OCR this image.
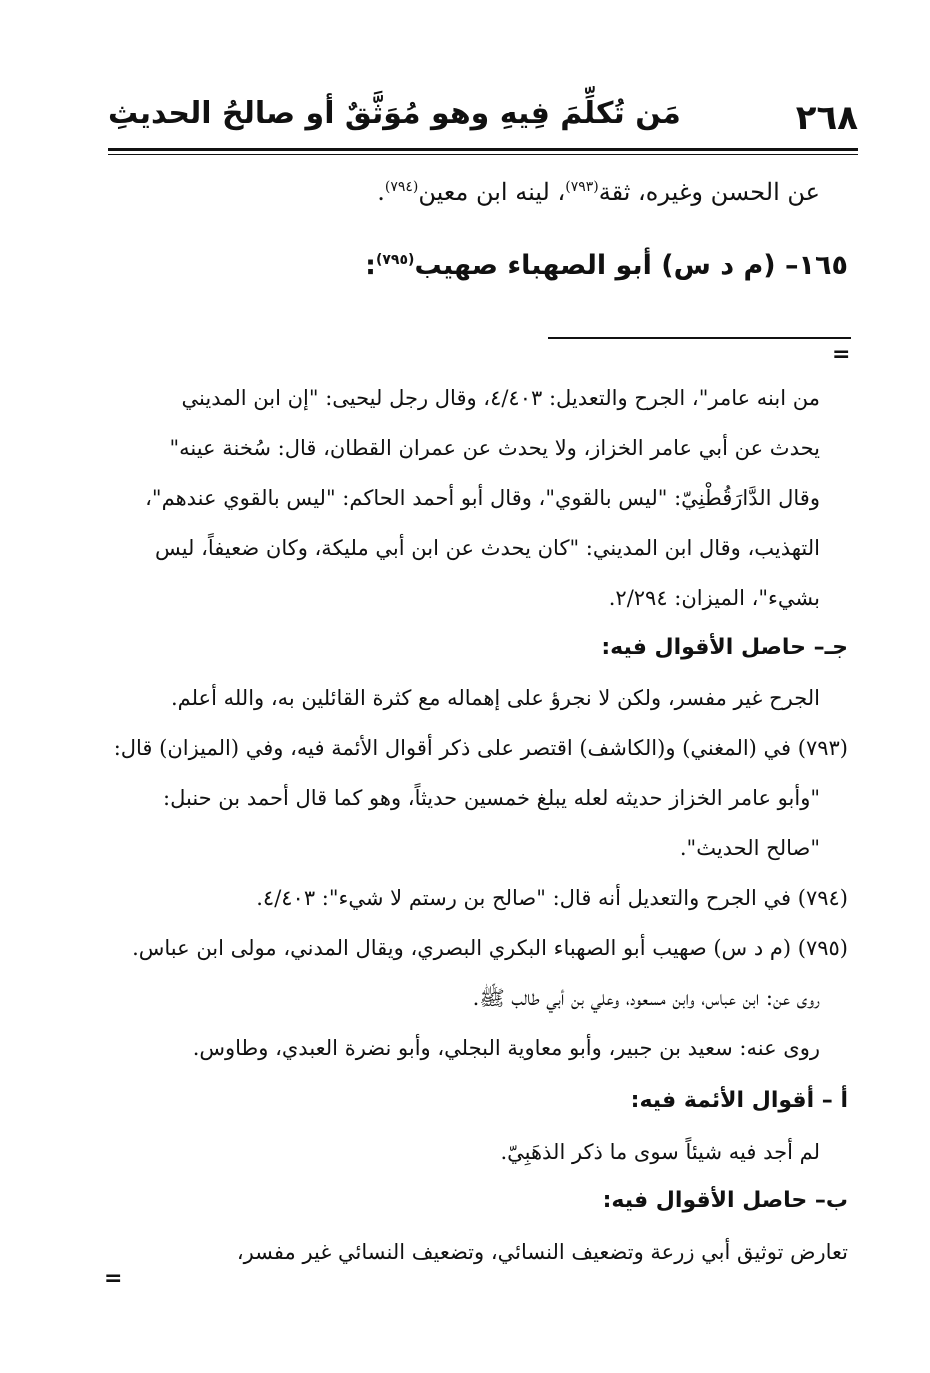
٢٦٨
مَن تُكلِّمَ فِيهِ وهو مُوَثَّقٌ أو صالحُ الحديثِ
عن الحسن وغيره، ثقة$^{(٧٩٣)}$، لينه ابن معين$^{(٧٩٤)}$.
١٦٥– (م د س) أبو الصهباء صهيب$^{(٧٩٥)}$:
=
من ابنه عامر"، الجرح والتعديل: ٤/٤٠٣، وقال رجل ليحيى: "إن ابن المديني
يحدث عن أبي عامر الخزاز، ولا يحدث عن عمران القطان، قال: سُخنة عينه"
وقال الدَّارَقُطْنِيّ: "ليس بالقوي"، وقال أبو أحمد الحاكم: "ليس بالقوي عندهم"،
التهذيب، وقال ابن المديني: "كان يحدث عن ابن أبي مليكة، وكان ضعيفاً، ليس
بشيء"، الميزان: ٢/٢٩٤.
جـ– حاصل الأقوال فيه:
الجرح غير مفسر، ولكن لا نجرؤ على إهماله مع كثرة القائلين به، والله أعلم.
(٧٩٣) في (المغني) و(الكاشف) اقتصر على ذكر أقوال الأئمة فيه، وفي (الميزان) قال:
"وأبو عامر الخزاز حديثه لعله يبلغ خمسين حديثاً، وهو كما قال أحمد بن حنبل:
"صالح الحديث".
(٧٩٤) في الجرح والتعديل أنه قال: "صالح بن رستم لا شيء": ٤/٤٠٣.
(٧٩٥) (م د س) صهيب أبو الصهباء البكري البصري، ويقال المدني، مولى ابن عباس.
روى عن: ابن عباس، وابن مسعود، وعلي بن أبي طالب ﷺ.
روى عنه: سعيد بن جبير، وأبو معاوية البجلي، وأبو نضرة العبدي، وطاوس.
أ – أقوال الأئمة فيه:
لم أجد فيه شيئاً سوى ما ذكر الذهَبِيّ.
ب– حاصل الأقوال فيه:
تعارض توثيق أبي زرعة وتضعيف النسائي، وتضعيف النسائي غير مفسر،
=
